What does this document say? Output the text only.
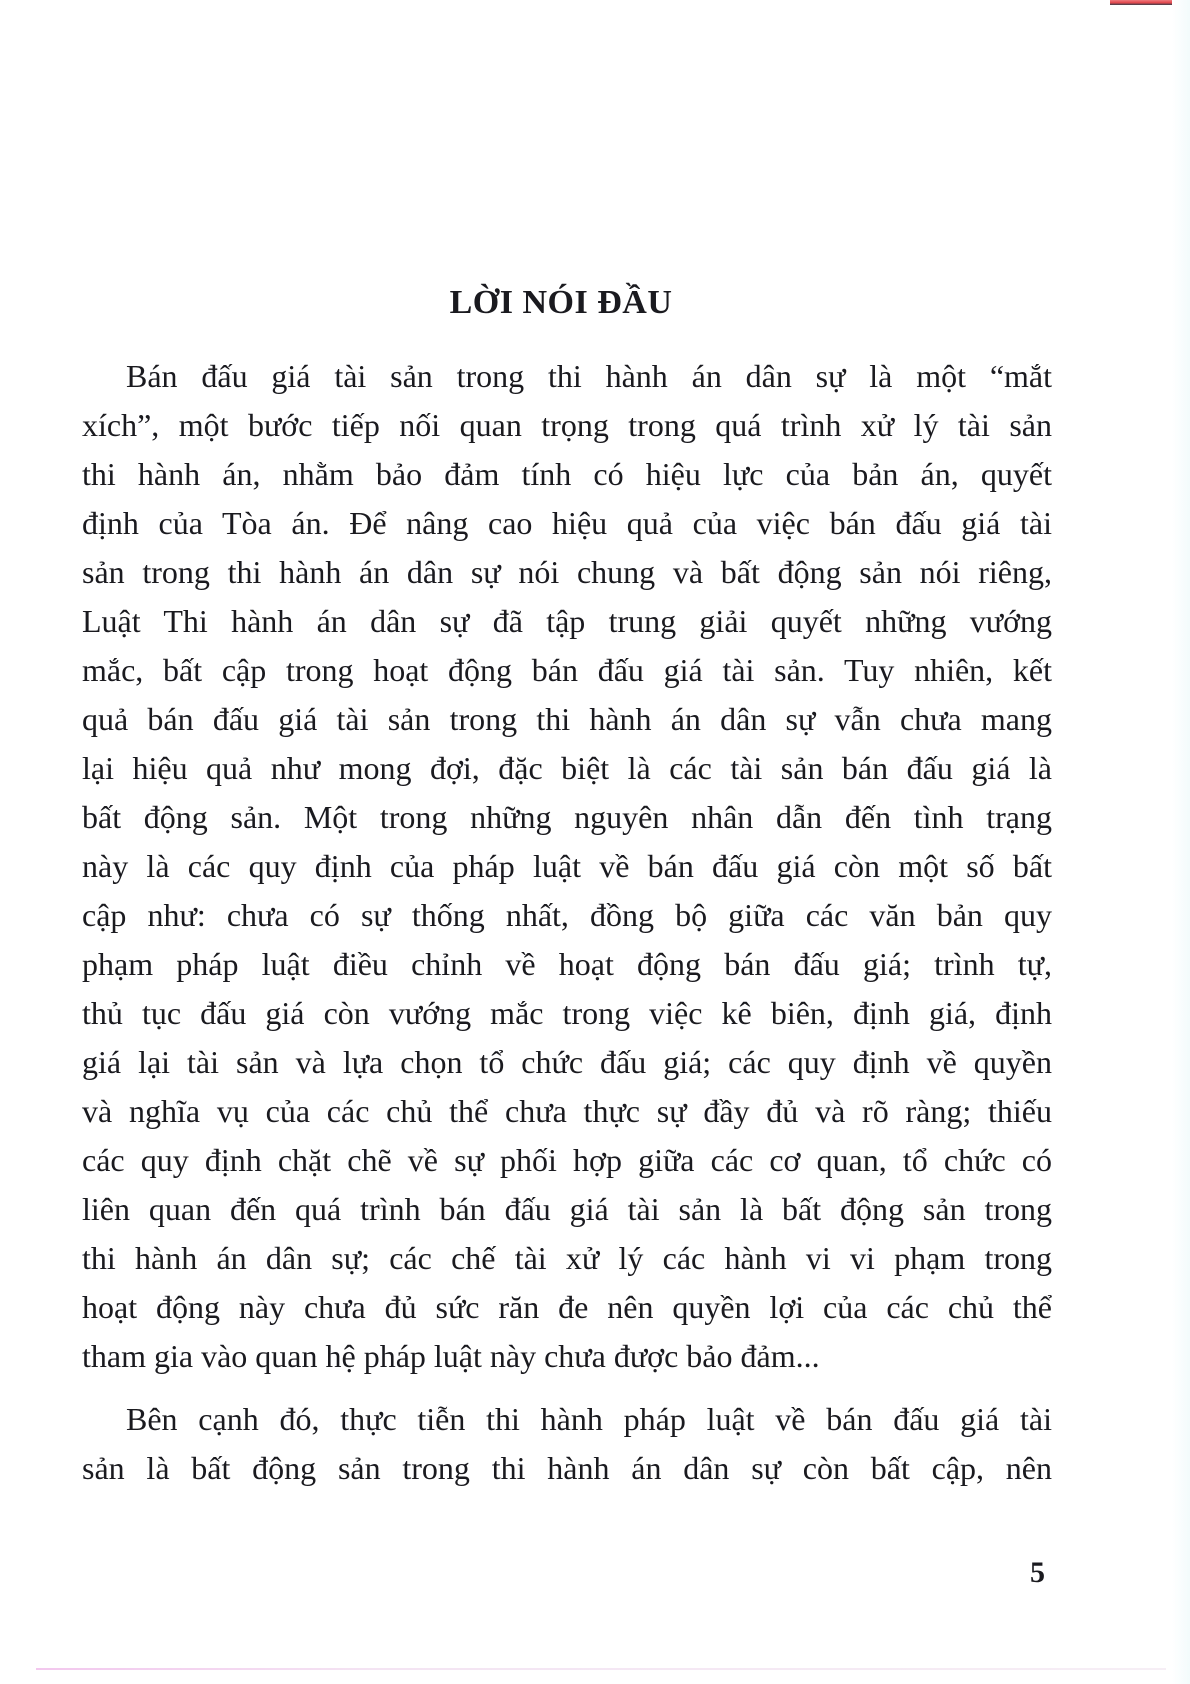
LỜI NÓI ĐẦU
Bán đấu giá tài sản trong thi hành án dân sự là một “mắt
xích”, một bước tiếp nối quan trọng trong quá trình xử lý tài sản
thi hành án, nhằm bảo đảm tính có hiệu lực của bản án, quyết
định của Tòa án. Để nâng cao hiệu quả của việc bán đấu giá tài
sản trong thi hành án dân sự nói chung và bất động sản nói riêng,
Luật Thi hành án dân sự đã tập trung giải quyết những vướng
mắc, bất cập trong hoạt động bán đấu giá tài sản. Tuy nhiên, kết
quả bán đấu giá tài sản trong thi hành án dân sự vẫn chưa mang
lại hiệu quả như mong đợi, đặc biệt là các tài sản bán đấu giá là
bất động sản. Một trong những nguyên nhân dẫn đến tình trạng
này là các quy định của pháp luật về bán đấu giá còn một số bất
cập như: chưa có sự thống nhất, đồng bộ giữa các văn bản quy
phạm pháp luật điều chỉnh về hoạt động bán đấu giá; trình tự,
thủ tục đấu giá còn vướng mắc trong việc kê biên, định giá, định
giá lại tài sản và lựa chọn tổ chức đấu giá; các quy định về quyền
và nghĩa vụ của các chủ thể chưa thực sự đầy đủ và rõ ràng; thiếu
các quy định chặt chẽ về sự phối hợp giữa các cơ quan, tổ chức có
liên quan đến quá trình bán đấu giá tài sản là bất động sản trong
thi hành án dân sự; các chế tài xử lý các hành vi vi phạm trong
hoạt động này chưa đủ sức răn đe nên quyền lợi của các chủ thể
tham gia vào quan hệ pháp luật này chưa được bảo đảm...
Bên cạnh đó, thực tiễn thi hành pháp luật về bán đấu giá tài
sản là bất động sản trong thi hành án dân sự còn bất cập, nên
5
